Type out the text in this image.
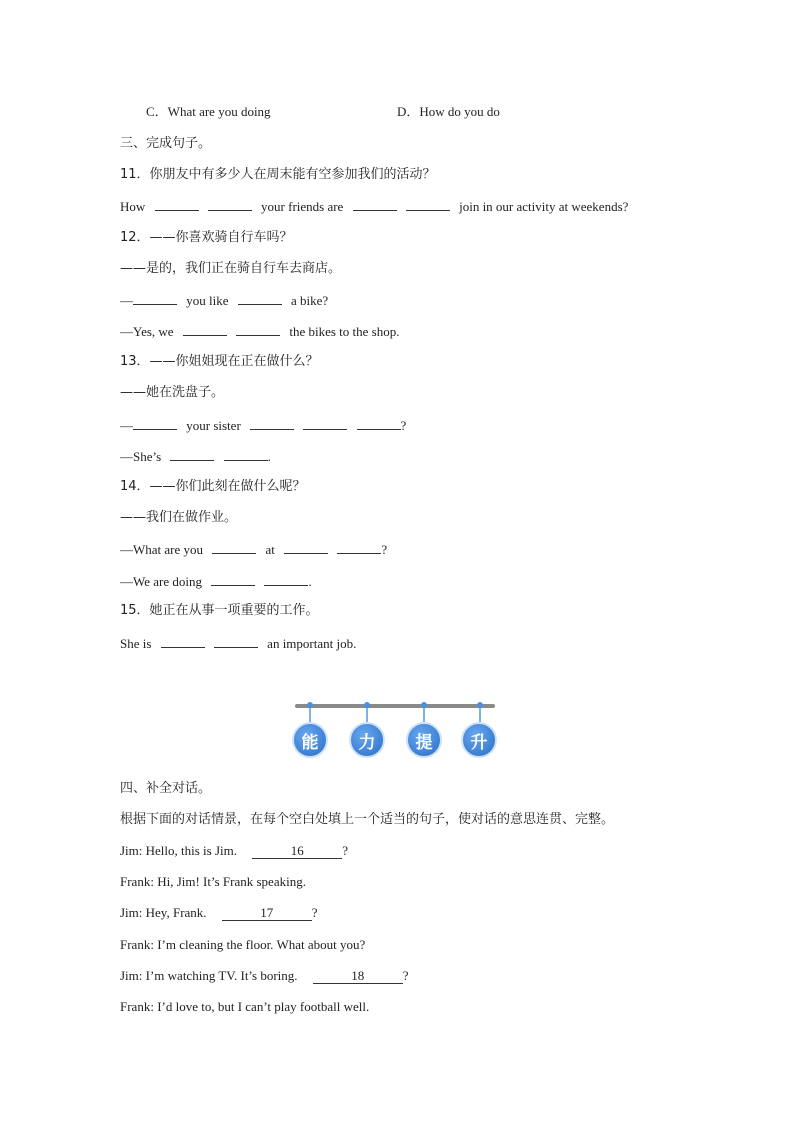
C．What are you doing	D．How do you do
三、完成句子。
11．你朋友中有多少人在周末能有空参加我们的活动？
How	your friends are	join in our activity at weekends?
12．——你喜欢骑自行车吗？
——是的，我们正在骑自行车去商店。
—	you like	a bike?
—Yes, we	the bikes to the shop.
13．——你姐姐现在正在做什么？
——她在洗盘子。
—	your sister	?
—She’s	.
14．——你们此刻在做什么呢？
——我们在做作业。
—What are you	at	?
—We are doing	.
15．她正在从事一项重要的工作。
She is	an important job.
能	力	提	升
四、补全对话。
根据下面的对话情景，在每个空白处填上一个适当的句子，使对话的意思连贯、完整。
Jim: Hello, this is Jim.	16	?
Frank: Hi, Jim! It’s Frank speaking.
Jim: Hey, Frank.	17	?
Frank: I’m cleaning the floor. What about you?
Jim: I’m watching TV. It’s boring.	18	?
Frank: I’d love to, but I can’t play football well.
